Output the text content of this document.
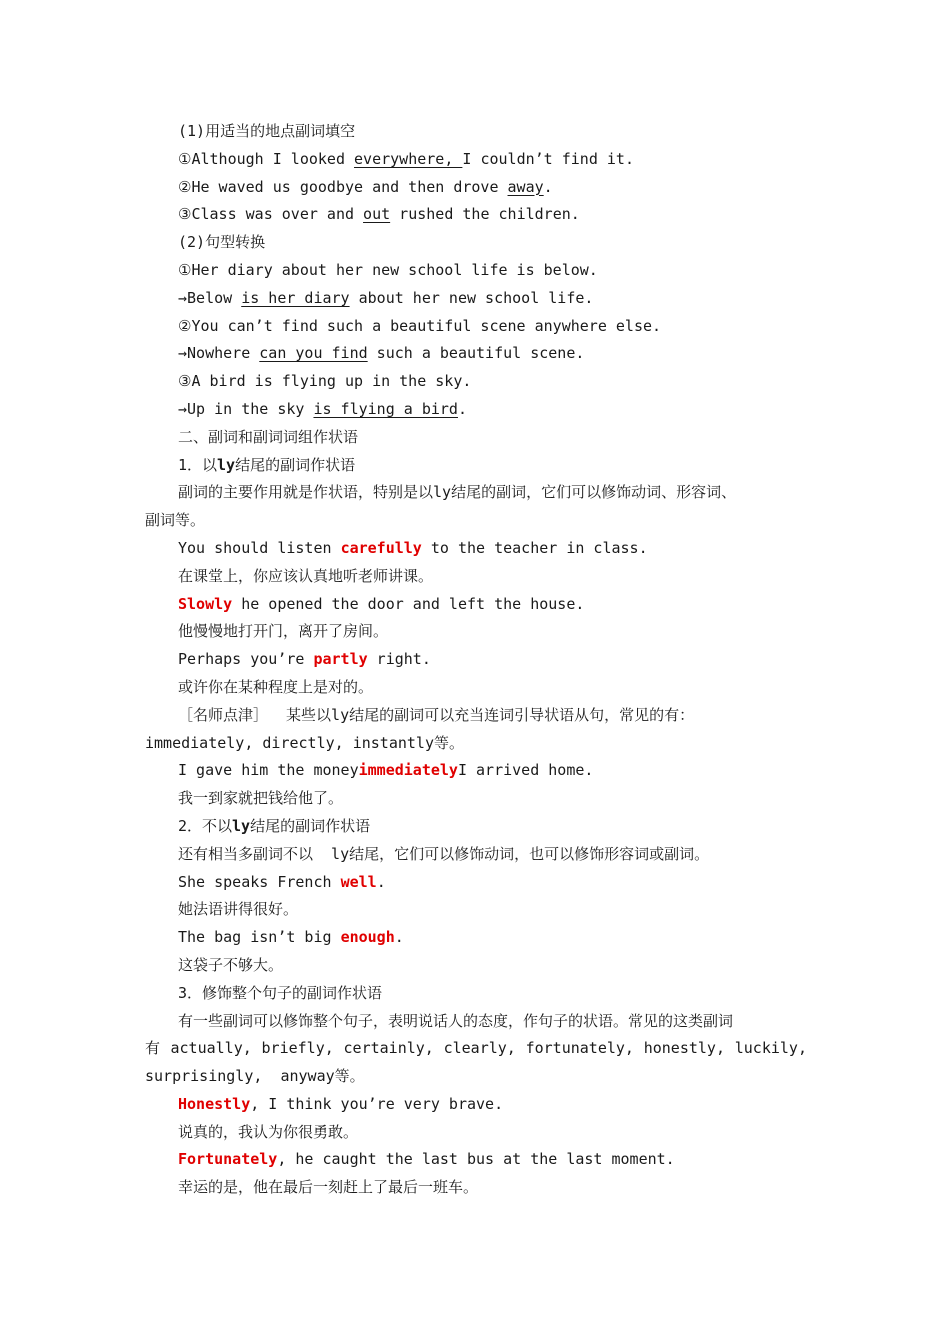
(1)用适当的地点副词填空
①Although I looked everywhere, I couldn’t find it.
②He waved us goodbye and then drove away.
③Class was over and out rushed the children.
(2)句型转换
①Her diary about her new school life is below.
→Below is her diary about her new school life.
②You can’t find such a beautiful scene anywhere else.
→Nowhere can you find such a beautiful scene.
③A bird is flying up in the sky.
→Up in the sky is flying a bird.
二、副词和副词词组作状语
1．以ly结尾的副词作状语
副词的主要作用就是作状语，特别是以ly结尾的副词，它们可以修饰动词、形容词、
副词等。
You should listen carefully to the teacher in class.
在课堂上，你应该认真地听老师讲课。
Slowly he opened the door and left the house.
他慢慢地打开门，离开了房间。
Perhaps you’re partly right.
或许你在某种程度上是对的。
［名师点津］  某些以ly结尾的副词可以充当连词引导状语从句，常见的有：
immediately, directly, instantly等。
I gave him the moneyimmediatelyI arrived home.
我一到家就把钱给他了。
2．不以ly结尾的副词作状语
还有相当多副词不以  ly结尾，它们可以修饰动词，也可以修饰形容词或副词。
She speaks French well.
她法语讲得很好。
The bag isn’t big enough.
这袋子不够大。
3．修饰整个句子的副词作状语
有一些副词可以修饰整个句子，表明说话人的态度，作句子的状语。常见的这类副词
有 actually, briefly, certainly, clearly, fortunately, honestly, luckily,
surprisingly,  anyway等。
Honestly, I think you’re very brave.
说真的，我认为你很勇敢。
Fortunately, he caught the last bus at the last moment.
幸运的是，他在最后一刻赶上了最后一班车。
